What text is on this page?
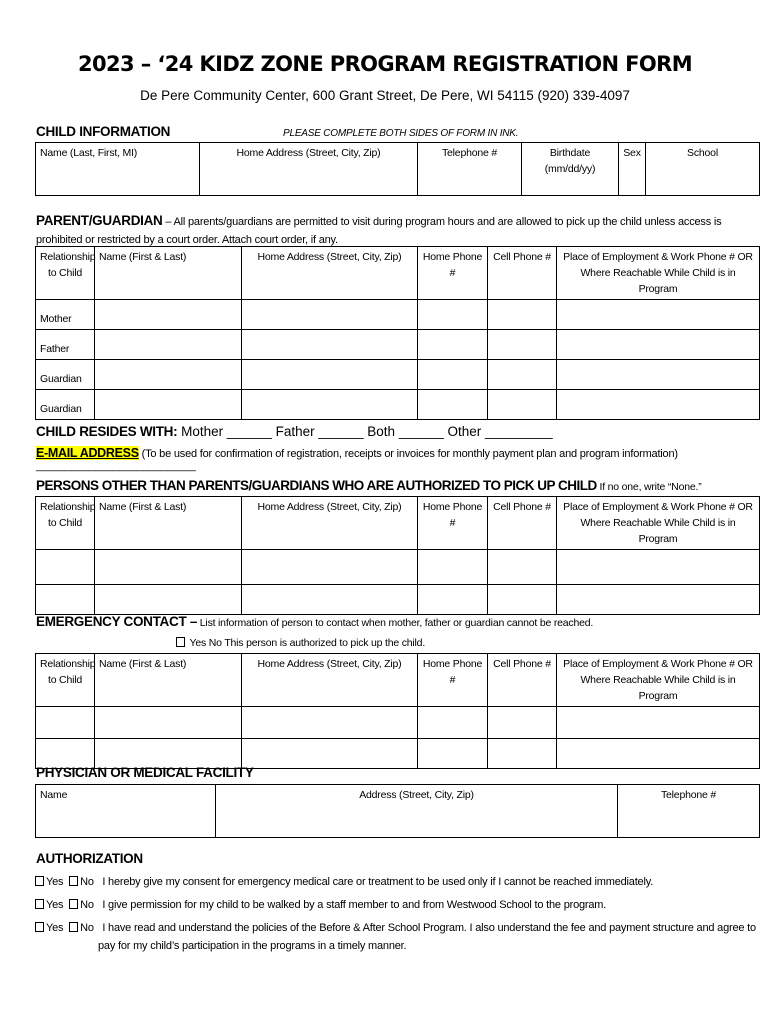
2023 – ‘24 KIDZ ZONE PROGRAM REGISTRATION FORM
De Pere Community Center, 600 Grant Street, De Pere, WI 54115 (920) 339-4097
CHILD INFORMATION	PLEASE COMPLETE BOTH SIDES OF FORM IN INK.
Name (Last, First, MI)	Home Address (Street, City, Zip)	Telephone #	Birthdate (mm/dd/yy)	Sex	School
PARENT/GUARDIAN – All parents/guardians are permitted to visit during program hours and are allowed to pick up the child unless access is prohibited or restricted by a court order. Attach court order, if any.
Relationship to Child	Name (First & Last)	Home Address (Street, City, Zip)	Home Phone #	Cell Phone #	Place of Employment & Work Phone # OR Where Reachable While Child is in Program
Mother					
Father					
Guardian					
Guardian					
CHILD RESIDES WITH: Mother ______ Father ______ Both ______ Other _________
E-MAIL ADDRESS (To be used for confirmation of registration, receipts or invoices for monthly payment plan and program information) ___________________________
PERSONS OTHER THAN PARENTS/GUARDIANS WHO ARE AUTHORIZED TO PICK UP CHILD If no one, write “None.”
Relationship to Child	Name (First & Last)	Home Address (Street, City, Zip)	Home Phone #	Cell Phone #	Place of Employment & Work Phone # OR Where Reachable While Child is in Program

EMERGENCY CONTACT – List information of person to contact when mother, father or guardian cannot be reached.
Yes No This person is authorized to pick up the child.
Relationship to Child	Name (First & Last)	Home Address (Street, City, Zip)	Home Phone #	Cell Phone #	Place of Employment & Work Phone # OR Where Reachable While Child is in Program

PHYSICIAN OR MEDICAL FACILITY
Name	Address (Street, City, Zip)	Telephone #
AUTHORIZATION
Yes No I hereby give my consent for emergency medical care or treatment to be used only if I cannot be reached immediately.
Yes No I give permission for my child to be walked by a staff member to and from Westwood School to the program.
Yes No I have read and understand the policies of the Before & After School Program. I also understand the fee and payment structure and agree to
pay for my child’s participation in the programs in a timely manner.
